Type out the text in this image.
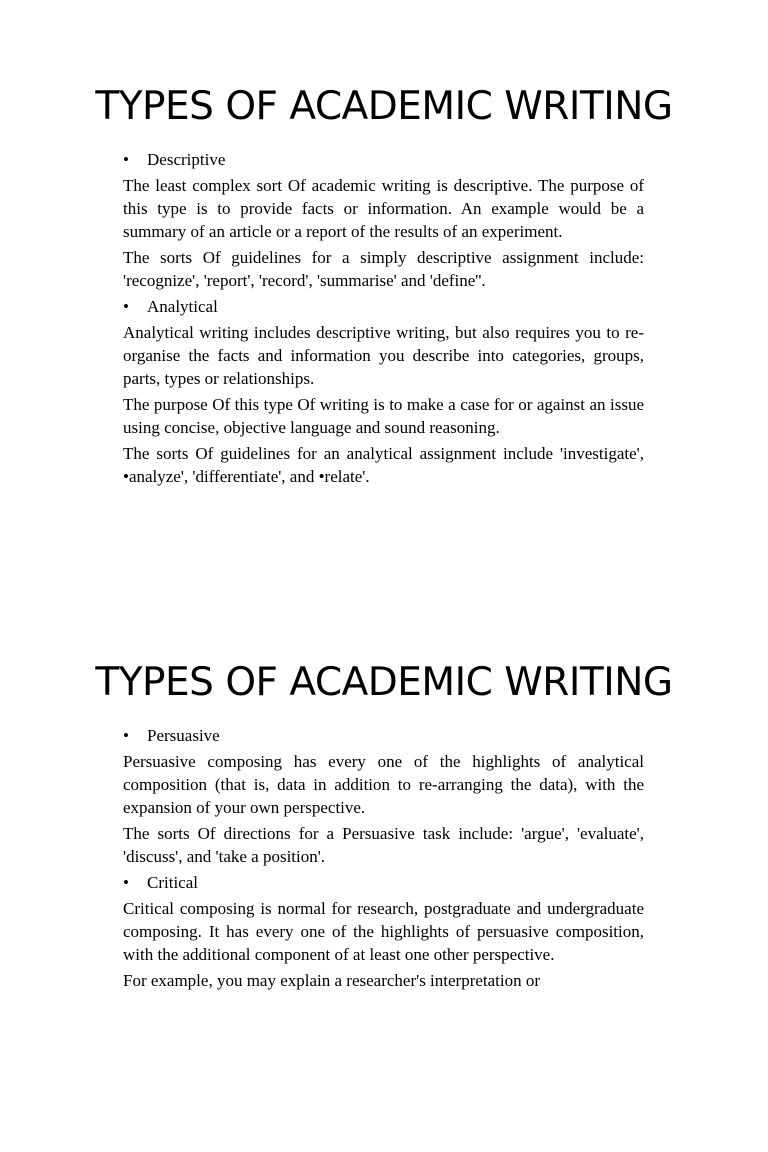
TYPES OF ACADEMIC WRITING
• Descriptive

The least complex sort Of academic writing is descriptive. The purpose of this type is to provide facts or information. An example would be a summary of an article or a report of the results of an experiment.

The sorts Of guidelines for a simply descriptive assignment include: 'recognize', 'report', 'record', 'summarise' and 'define''.

• Analytical

Analytical writing includes descriptive writing, but also requires you to re-organise the facts and information you describe into categories, groups, parts, types or relationships.

The purpose Of this type Of writing is to make a case for or against an issue using concise, objective language and sound reasoning.

The sorts Of guidelines for an analytical assignment include 'investigate', •analyze', 'differentiate', and •relate'.

TYPES OF ACADEMIC WRITING
• Persuasive

Persuasive composing has every one of the highlights of analytical composition (that is, data in addition to re-arranging the data), with the expansion of your own perspective.

The sorts Of directions for a Persuasive task include: 'argue', 'evaluate', 'discuss', and 'take a position'.

• Critical

Critical composing is normal for research, postgraduate and undergraduate composing. It has every one of the highlights of persuasive composition, with the additional component of at least one other perspective.

For example, you may explain a researcher's interpretation or
